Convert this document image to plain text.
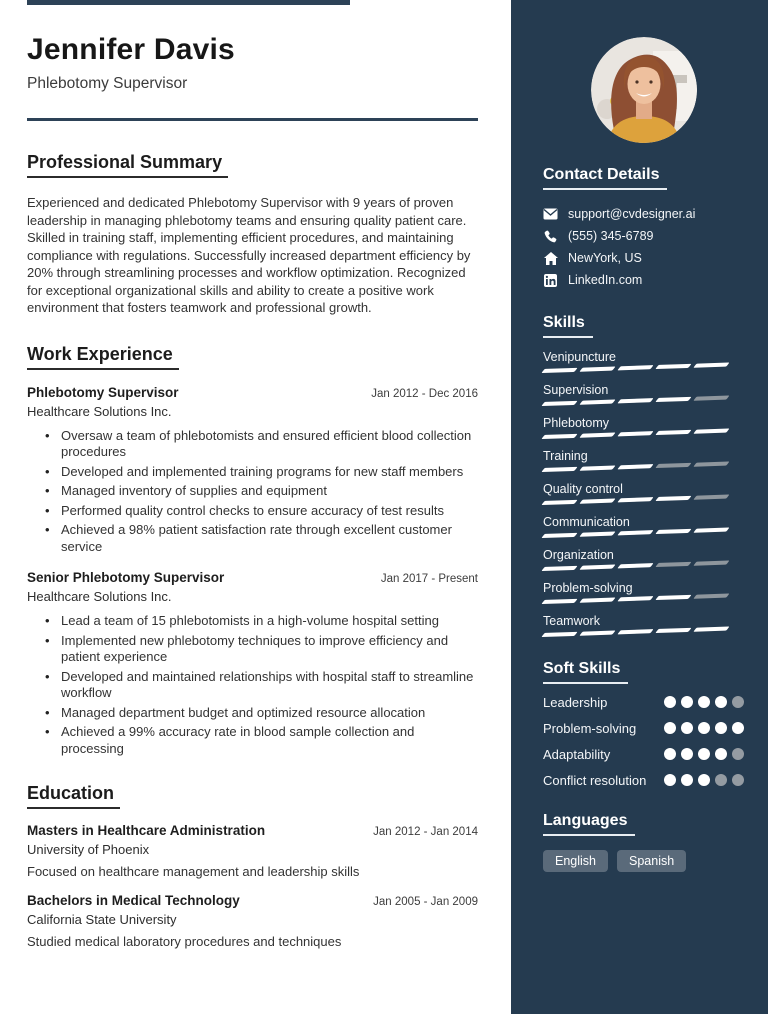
Jennifer Davis
Phlebotomy Supervisor
Professional Summary

Experienced and dedicated Phlebotomy Supervisor with 9 years of proven leadership in managing phlebotomy teams and ensuring quality patient care. Skilled in training staff, implementing efficient procedures, and maintaining compliance with regulations. Successfully increased department efficiency by 20% through streamlining processes and workflow optimization. Recognized for exceptional organizational skills and ability to create a positive work environment that fosters teamwork and professional growth.

Work Experience
Phlebotomy Supervisor	Jan 2012 - Dec 2016
Healthcare Solutions Inc.
• Oversaw a team of phlebotomists and ensured efficient blood collection procedures
• Developed and implemented training programs for new staff members
• Managed inventory of supplies and equipment
• Performed quality control checks to ensure accuracy of test results
• Achieved a 98% patient satisfaction rate through excellent customer service
Senior Phlebotomy Supervisor	Jan 2017 - Present
Healthcare Solutions Inc.
• Lead a team of 15 phlebotomists in a high-volume hospital setting
• Implemented new phlebotomy techniques to improve efficiency and patient experience
• Developed and maintained relationships with hospital staff to streamline workflow
• Managed department budget and optimized resource allocation
• Achieved a 99% accuracy rate in blood sample collection and processing
Education
Masters in Healthcare Administration	Jan 2012 - Jan 2014
University of Phoenix
Focused on healthcare management and leadership skills
Bachelors in Medical Technology	Jan 2005 - Jan 2009
California State University
Studied medical laboratory procedures and techniques
Contact Details
support@cvdesigner.ai
(555) 345-6789
NewYork, US
LinkedIn.com
Skills
Venipuncture
Supervision
Phlebotomy
Training
Quality control
Communication
Organization
Problem-solving
Teamwork
Soft Skills
Leadership
Problem-solving
Adaptability
Conflict resolution
Languages
English	Spanish
